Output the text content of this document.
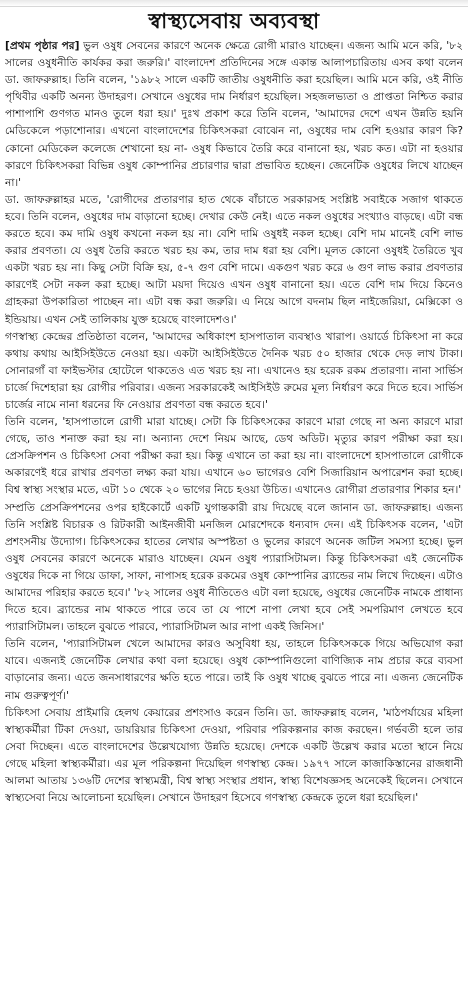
স্বাস্থ্যসেবায় অব্যবস্থা

[প্রথম পৃষ্ঠার পর] ভুল ওষুধ সেবনের কারণে অনেক ক্ষেত্রে রোগী মারাও যাচ্ছেন। এজন্য আমি মনে করি, '৮২ সালের ওষুধনীতি কার্যকর করা জরুরি।' বাংলাদেশ প্রতিদিনের সঙ্গে একান্ত আলাপচারিতায় এসব কথা বলেন ডা. জাফরুল্লাহ। তিনি বলেন, '১৯৮২ সালে একটি জাতীয় ওষুধনীতি করা হয়েছিল। আমি মনে করি, ওই নীতি পৃথিবীর একটি অনন্য উদাহরণ। সেখানে ওষুধের দাম নির্ধারণ হয়েছিল। সহজলভ্যতা ও প্রাপ্ততা নিশ্চিত করার পাশাপাশি গুণগত মানও তুলে ধরা হয়।' দুঃখ প্রকাশ করে তিনি বলেন, 'আমাদের দেশে এখন উন্নতি হয়নি মেডিকেলে পড়াশোনার। এখনো বাংলাদেশের চিকিৎসকরা বোঝেন না, ওষুধের দাম বেশি হওয়ার কারণ কি? কোনো মেডিকেল কলেজে শেখানো হয় না- ওষুধ কিভাবে তৈরি করে বানানো হয়, খরচ কত। এটা না হওয়ার কারণে চিকিৎসকরা বিভিন্ন ওষুধ কোম্পানির প্রচারণার দ্বারা প্রভাবিত হচ্ছেন। জেনেটিক ওষুধের লিখে যাচ্ছেন না।'

ডা. জাফরুল্লাহর মতে, 'রোগীদের প্রতারণার হাত থেকে বাঁচাতে সরকারসহ সংশ্লিষ্ট সবাইকে সজাগ থাকতে হবে। তিনি বলেন, ওষুধের দাম বাড়ানো হচ্ছে। দেখার কেউ নেই। এতে নকল ওষুধের সংখ্যাও বাড়ছে। এটা বন্ধ করতে হবে। কম দামি ওষুধ কখনো নকল হয় না। বেশি দামি ওষুধই নকল হচ্ছে। বেশি দাম মানেই বেশি লাভ করার প্রবণতা। যে ওষুধ তৈরি করতে খরচ হয় কম, তার দাম ধরা হয় বেশি। মূলত কোনো ওষুধই তৈরিতে খুব একটা খরচ হয় না। কিছু সেটা বিক্রি হয়, ৫-৭ গুণ বেশি দামে। একগুণ খরচ করে ৬ গুণ লাভ করার প্রবণতার কারণেই সেটা নকল করা হচ্ছে। আটা ময়দা দিয়েও এখন ওষুধ বানানো হয়। এতে বেশি দাম দিয়ে কিনেও গ্রাহকরা উপকারিতা পাচ্ছেন না। এটা বন্ধ করা জরুরি। এ নিয়ে আগে বদনাম ছিল নাইজেরিয়া, মেক্সিকো ও ইন্ডিয়ায়। এখন সেই তালিকায় যুক্ত হয়েছে বাংলাদেশও।'

গণস্বাস্থ্য কেন্দ্রের প্রতিষ্ঠাতা বলেন, 'আমাদের অধিকাংশ হাসপাতাল ব্যবস্থাও খারাপ। ওয়ার্ডে চিকিৎসা না করে কথায় কথায় আইসিইউতে নেওয়া হয়। একটা আইসিইউতে দৈনিক খরচ ৫০ হাজার থেকে দেড় লাখ টাকা। সোনারগাঁ বা ফাইভস্টার হোটেলে থাকতেও এত খরচ হয় না। এখানেও হয় হরেক রকম প্রতারণা। নানা সার্ভিস চার্জে দিশেহারা হয় রোগীর পরিবার। এজন্য সরকারকেই আইসিইউ রুমের মূল্য নির্ধারণ করে দিতে হবে। সার্ভিস চার্জের নামে নানা ধরনের ফি নেওয়ার প্রবণতা বন্ধ করতে হবে।'

তিনি বলেন, 'হাসপাতালে রোগী মারা যাচ্ছে। সেটা কি চিকিৎসকের কারণে মারা গেছে না অন্য কারণে মারা গেছে, তাও শনাক্ত করা হয় না। অন্যান্য দেশে নিয়ম আছে, ডেথ অডিট। মৃত্যুর কারণ পরীক্ষা করা হয়। প্রেসক্রিপশন ও চিকিৎসা সেবা পরীক্ষা করা হয়। কিন্তু এখানে তা করা হয় না। বাংলাদেশে হাসপাতালে রোগীকে অকারণেই ধরে রাখার প্রবণতা লক্ষ্য করা যায়। এখানে ৬০ ভাগেরও বেশি সিজারিয়ান অপারেশন করা হচ্ছে। বিশ্ব স্বাস্থ্য সংস্থার মতে, এটা ১০ থেকে ২০ ভাগের নিচে হওয়া উচিত। এখানেও রোগীরা প্রতারণার শিকার হন।'

সম্প্রতি প্রেসক্রিপশনের ওপর হাইকোর্টে একটি যুগান্তকারী রায় দিয়েছে বলে জানান ডা. জাফরুল্লাহ। এজন্য তিনি সংশ্লিষ্ট বিচারক ও রিটকারী আইনজীবী মনজিল মোরশেদকে ধন্যবাদ দেন। এই চিকিৎসক বলেন, 'এটা প্রশংসনীয় উদ্যোগ। চিকিৎসকের হাতের লেখার অস্পষ্টতা ও ভুলের কারণে অনেক জটিল সমস্যা হচ্ছে। ভুল ওষুধ সেবনের কারণে অনেকে মারাও যাচ্ছেন। যেমন ওষুধ প্যারাসিটামল। কিন্তু চিকিৎসকরা এই জেনেটিক ওষুধের দিকে না গিয়ে ডাফা, সাফা, নাপাসহ হরেক রকমের ওষুধ কোম্পানির ব্র্যান্ডের নাম লিখে দিচ্ছেন। এটাও আমাদের পরিহার করতে হবে।' '৮২ সালের ওষুধ নীতিতেও এটা বলা হয়েছে, ওষুধের জেনেটিক নামকে প্রাধান্য দিতে হবে। ব্র্যান্ডের নাম থাকতে পারে তবে তা যে পাশে নাপা লেখা হবে সেই সমপরিমাণ লেখতে হবে প্যারাসিটামল। তাহলে বুঝতে পারবে, প্যারাসিটামল আর নাপা একই জিনিস।'

তিনি বলেন, 'প্যারাসিটামল খেলে আমাদের কারও অসুবিধা হয়, তাহলে চিকিৎসককে গিয়ে অভিযোগ করা যাবে। এজন্যই জেনেটিক লেখার কথা বলা হয়েছে। ওষুধ কোম্পানিগুলো বাণিজ্যিক নাম প্রচার করে ব্যবসা বাড়ানোর জন্য। এতে জনসাধারণের ক্ষতি হতে পারে। তাই কি ওষুধ খাচ্ছে বুঝতে পারে না। এজন্য জেনেটিক নাম গুরুত্বপূর্ণ।'

চিকিৎসা সেবায় প্রাইমারি হেলথ কেয়ারের প্রশংসাও করেন তিনি। ডা. জাফরুল্লাহ বলেন, 'মাঠপর্যায়ের মহিলা স্বাস্থ্যকর্মীরা টিকা দেওয়া, ডায়রিয়ার চিকিৎসা দেওয়া, পরিবার পরিকল্পনার কাজ করছেন। গর্ভবতী হলে তার সেবা দিচ্ছেন। এতে বাংলাদেশের উল্লেখযোগ্য উন্নতি হয়েছে। দেশকে একটি উল্লেখ করার মতো স্থানে নিয়ে গেছে মহিলা স্বাস্থ্যকর্মীরা। এর মূল পরিকল্পনা দিয়েছিল গণস্বাস্থ্য কেন্দ্র। ১৯৭৭ সালে কাজাকিস্তানের রাজধানী আলমা আতায় ১৩৬টি দেশের স্বাস্থ্যমন্ত্রী, বিশ্ব স্বাস্থ্য সংস্থার প্রধান, স্বাস্থ্য বিশেষজ্ঞসহ অনেকেই ছিলেন। সেখানে স্বাস্থ্যসেবা নিয়ে আলোচনা হয়েছিল। সেখানে উদাহরণ হিসেবে গণস্বাস্থ্য কেন্দ্রকে তুলে ধরা হয়েছিল।'
